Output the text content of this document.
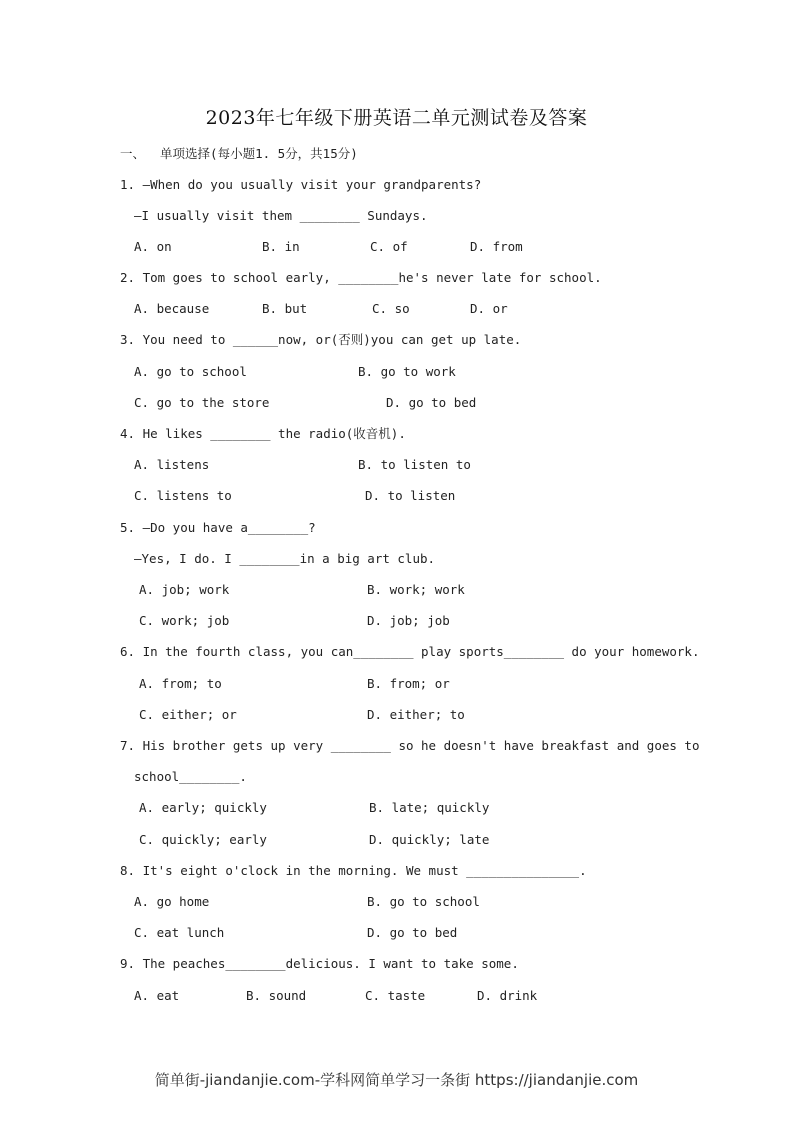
2023年七年级下册英语二单元测试卷及答案
一、  单项选择(每小题1. 5分，共15分)
1. —When do you usually visit your grandparents?
—I usually visit them ________ Sundays.
A. on	B. in	C. of	D. from
2. Tom goes to school early, ________he's never late for school.
A. because	B. but	C. so	D. or
3. You need to ______now, or(否则)you can get up late.
A. go to school	B. go to work
C. go to the store	D. go to bed
4. He likes ________ the radio(收音机).
A. listens	B. to listen to
C. listens to	D. to listen
5. —Do you have a________?
—Yes, I do. I ________in a big art club.
A. job; work	B. work; work
C. work; job	D. job; job
6. In the fourth class, you can________ play sports________ do your homework.
A. from; to	B. from; or
C. either; or	D. either; to
7. His brother gets up very ________ so he doesn't have breakfast and goes to
school________.
A. early; quickly	B. late; quickly
C. quickly; early	D. quickly; late
8. It's eight o'clock in the morning. We must _______________.
A. go home	B. go to school
C. eat lunch	D. go to bed
9. The peaches________delicious. I want to take some.
A. eat	B. sound	C. taste	D. drink
简单街-jiandanjie.com-学科网简单学习一条街 https://jiandanjie.com
